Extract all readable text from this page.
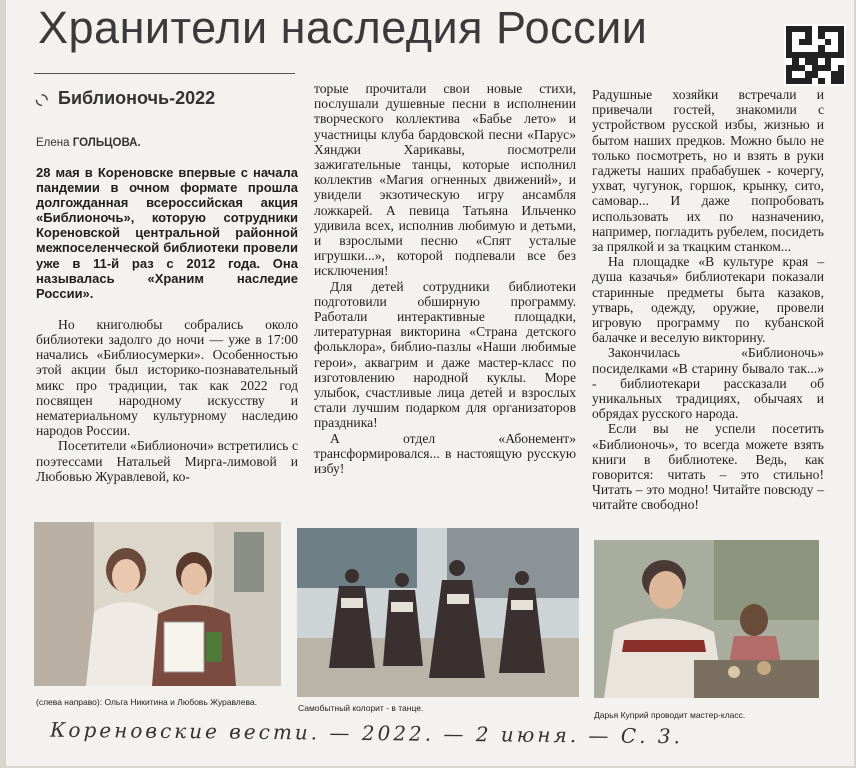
Хранители наследия России
◟◝ Библионочь-2022
Елена ГОЛЬЦОВА.

28 мая в Кореновске впервые с начала пандемии в очном формате прошла долгожданная всероссийская акция «Библионочь», которую сотрудники Кореновской центральной районной межпоселенческой библиотеки провели уже в 11-й раз с 2012 года. Она называлась «Храним наследие России».

Но книголюбы собрались около библиотеки задолго до ночи — уже в 17:00 начались «Библиосумерки». Особенностью этой акции был историко-познавательный микс про традиции, так как 2022 год посвящен народному искусству и нематериальному культурному наследию народов России.

Посетители «Библионочи» встретились с поэтессами Натальей Мирга-лимовой и Любовью Журавлевой, ко-

торые прочитали свои новые стихи, послушали душевные песни в исполнении творческого коллектива «Бабье лето» и участницы клуба бардовской песни «Парус» Хянджи Харикавы, посмотрели зажигательные танцы, которые исполнил коллектив «Магия огненных движений», и увидели экзотическую игру ансамбля ложкарей. А певица Татьяна Ильченко удивила всех, исполнив любимую и детьми, и взрослыми песню «Спят усталые игрушки...», которой подпевали все без исключения!

Для детей сотрудники библиотеки подготовили обширную программу. Работали интерактивные площадки, литературная викторина «Страна детского фольклора», библио-пазлы «Наши любимые герои», аквагрим и даже мастер-класс по изготовлению народной куклы. Море улыбок, счастливые лица детей и взрослых стали лучшим подарком для организаторов праздника!

А отдел «Абонемент» трансформировался... в настоящую русскую избу!

Радушные хозяйки встречали и привечали гостей, знакомили с устройством русской избы, жизнью и бытом наших предков. Можно было не только посмотреть, но и взять в руки гаджеты наших прабабушек - кочергу, ухват, чугунок, горшок, крынку, сито, самовар... И даже попробовать использовать их по назначению, например, погладить рубелем, посидеть за прялкой и за ткацким станком...

На площадке «В культуре края – душа казачья» библиотекари показали старинные предметы быта казаков, утварь, одежду, оружие, провели игровую программу по кубанской балачке и веселую викторину.

Закончилась «Библионочь» посиделками «В старину бывало так...» - библиотекари рассказали об уникальных традициях, обычаях и обрядах русского народа.

Если вы не успели посетить «Библионочь», то всегда можете взять книги в библиотеке. Ведь, как говорится: читать – это стильно! Читать – это модно! Читайте повсюду – читайте свободно!

(слева направо): Ольга Никитина и Любовь Журавлева.
Самобытный колорит - в танце.
Дарья Куприй проводит мастер-класс.
Кореновские вести. — 2022. — 2 июня. — С. 3.
